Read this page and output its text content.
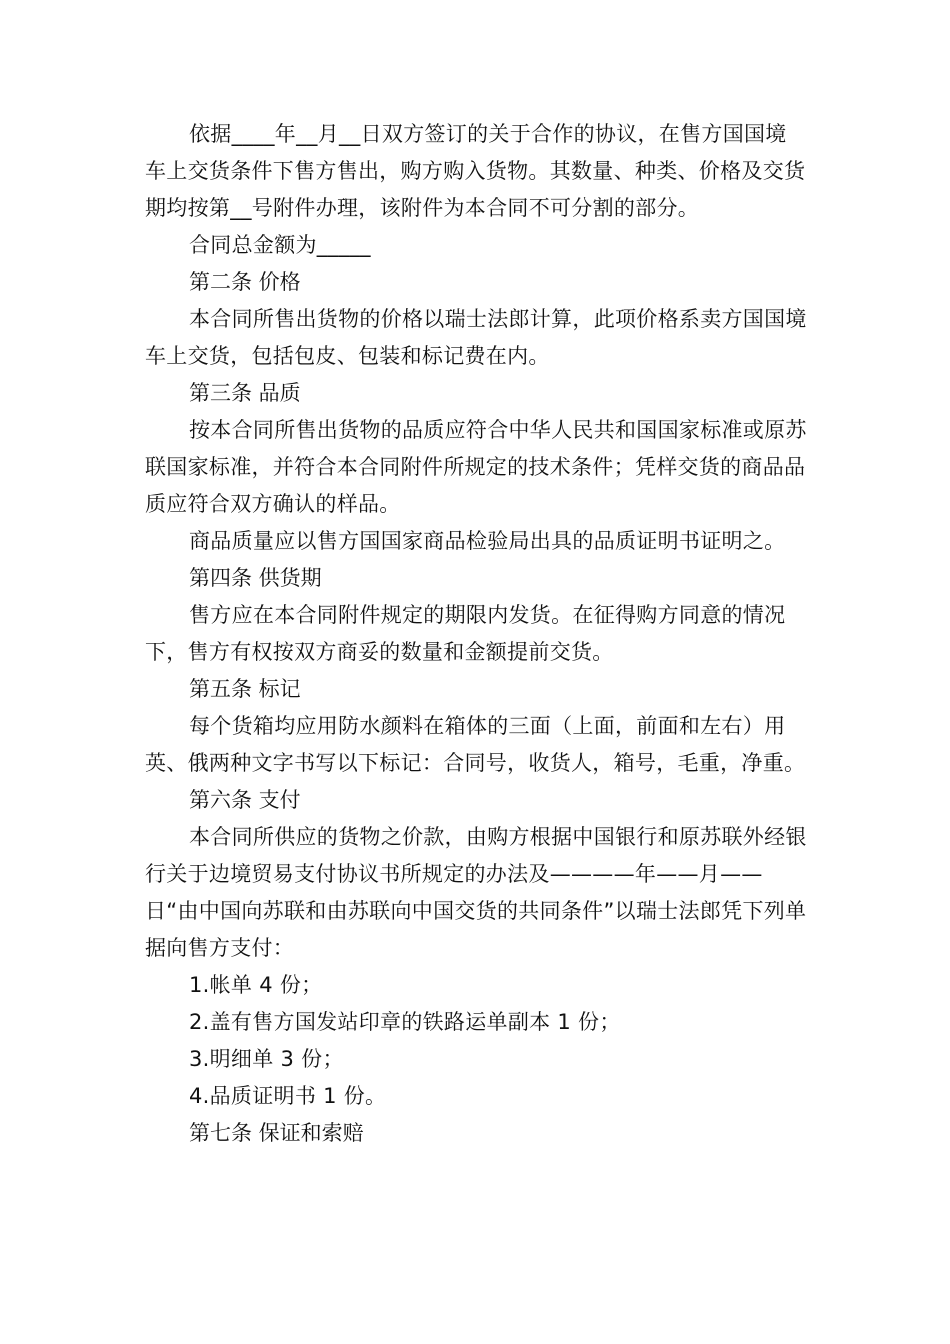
依据____年__月__日双方签订的关于合作的协议，在售方国国境车上交货条件下售方售出，购方购入货物。其数量、种类、价格及交货期均按第__号附件办理，该附件为本合同不可分割的部分。

合同总金额为_____

第二条 价格

本合同所售出货物的价格以瑞士法郎计算，此项价格系卖方国国境车上交货，包括包皮、包装和标记费在内。

第三条 品质

按本合同所售出货物的品质应符合中华人民共和国国家标准或原苏联国家标准，并符合本合同附件所规定的技术条件；凭样交货的商品品质应符合双方确认的样品。

商品质量应以售方国国家商品检验局出具的品质证明书证明之。

第四条 供货期

售方应在本合同附件规定的期限内发货。在征得购方同意的情况下，售方有权按双方商妥的数量和金额提前交货。

第五条 标记

每个货箱均应用防水颜料在箱体的三面（上面，前面和左右）用英、俄两种文字书写以下标记：合同号，收货人，箱号，毛重，净重。

第六条 支付

本合同所供应的货物之价款，由购方根据中国银行和原苏联外经银行关于边境贸易支付协议书所规定的办法及————年——月——日“由中国向苏联和由苏联向中国交货的共同条件”以瑞士法郎凭下列单据向售方支付：

1.帐单 4 份；

2.盖有售方国发站印章的铁路运单副本 1 份；

3.明细单 3 份；

4.品质证明书 1 份。

第七条 保证和索赔
